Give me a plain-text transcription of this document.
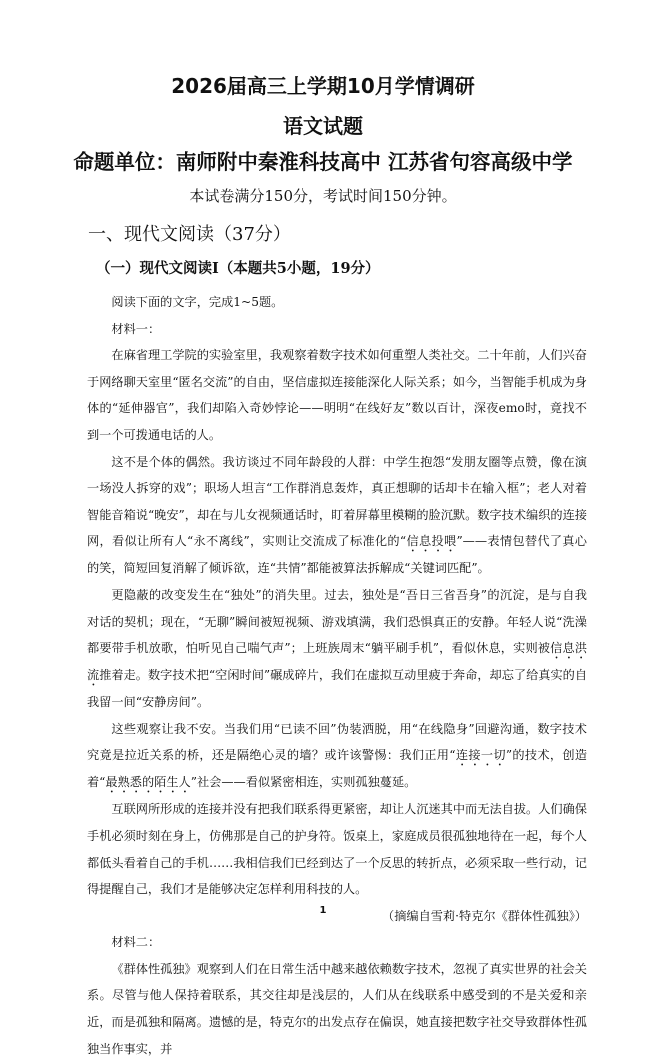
2026届高三上学期10月学情调研
语文试题
命题单位：南师附中秦淮科技高中 江苏省句容高级中学
本试卷满分150分，考试时间150分钟。
一、现代文阅读（37分）
（一）现代文阅读Ⅰ（本题共5小题，19分）

阅读下面的文字，完成1~5题。

材料一：

在麻省理工学院的实验室里，我观察着数字技术如何重塑人类社交。二十年前，人们兴奋于网络聊天室里“匿名交流”的自由，坚信虚拟连接能深化人际关系；如今，当智能手机成为身体的“延伸器官”，我们却陷入奇妙悖论——明明“在线好友”数以百计，深夜emo时，竟找不到一个可拨通电话的人。

这不是个体的偶然。我访谈过不同年龄段的人群：中学生抱怨“发朋友圈等点赞，像在演一场没人拆穿的戏”；职场人坦言“工作群消息轰炸，真正想聊的话却卡在输入框”；老人对着智能音箱说“晚安”，却在与儿女视频通话时，盯着屏幕里模糊的脸沉默。数字技术编织的连接网，看似让所有人“永不离线”，实则让交流成了标准化的“信息投喂”——表情包替代了真心的笑，简短回复消解了倾诉欲，连“共情”都能被算法拆解成“关键词匹配”。

更隐蔽的改变发生在“独处”的消失里。过去，独处是“吾日三省吾身”的沉淀，是与自我对话的契机；现在，“无聊”瞬间被短视频、游戏填满，我们恐惧真正的安静。年轻人说“洗澡都要带手机放歌，怕听见自己喘气声”；上班族周末“躺平刷手机”，看似休息，实则被信息洪流推着走。数字技术把“空闲时间”碾成碎片，我们在虚拟互动里疲于奔命，却忘了给真实的自我留一间“安静房间”。

这些观察让我不安。当我们用“已读不回”伪装洒脱，用“在线隐身”回避沟通，数字技术究竟是拉近关系的桥，还是隔绝心灵的墙？或许该警惕：我们正用“连接一切”的技术，创造着“最熟悉的陌生人”社会——看似紧密相连，实则孤独蔓延。

互联网所形成的连接并没有把我们联系得更紧密，却让人沉迷其中而无法自拔。人们确保手机必须时刻在身上，仿佛那是自己的护身符。饭桌上，家庭成员很孤独地待在一起，每个人都低头看着自己的手机……我相信我们已经到达了一个反思的转折点，必须采取一些行动，记得提醒自己，我们才是能够决定怎样利用科技的人。

（摘编自雪莉·特克尔《群体性孤独》）

材料二：

《群体性孤独》观察到人们在日常生活中越来越依赖数字技术，忽视了真实世界的社会关系。尽管与他人保持着联系，其交往却是浅层的，人们从在线联系中感受到的不是关爱和亲近，而是孤独和隔离。遗憾的是，特克尔的出发点存在偏误，她直接把数字社交导致群体性孤独当作事实，并

1
